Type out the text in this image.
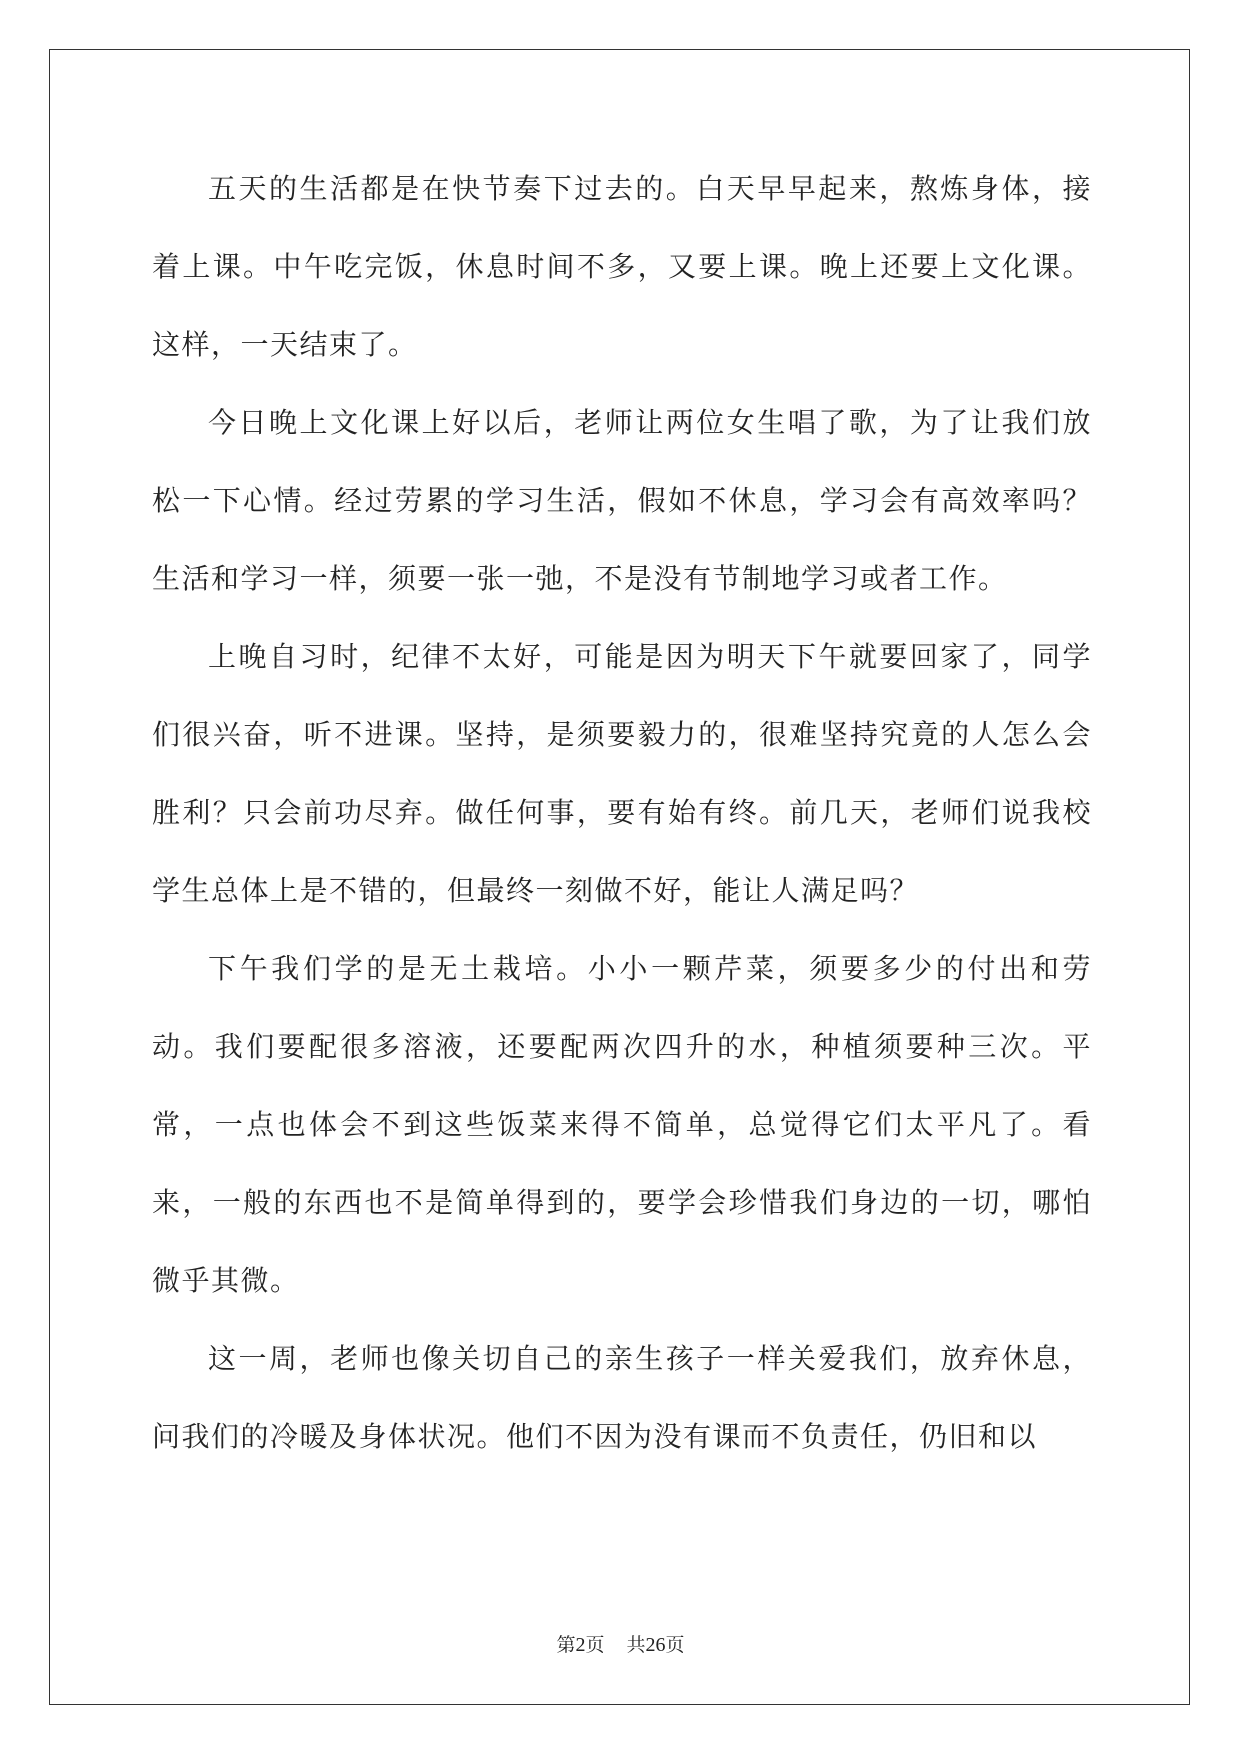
五天的生活都是在快节奏下过去的。白天早早起来，熬炼身体，接着上课。中午吃完饭，休息时间不多，又要上课。晚上还要上文化课。这样，一天结束了。

今日晚上文化课上好以后，老师让两位女生唱了歌，为了让我们放松一下心情。经过劳累的学习生活，假如不休息，学习会有高效率吗？生活和学习一样，须要一张一弛，不是没有节制地学习或者工作。

上晚自习时，纪律不太好，可能是因为明天下午就要回家了，同学们很兴奋，听不进课。坚持，是须要毅力的，很难坚持究竟的人怎么会胜利？只会前功尽弃。做任何事，要有始有终。前几天，老师们说我校学生总体上是不错的，但最终一刻做不好，能让人满足吗？

下午我们学的是无土栽培。小小一颗芹菜，须要多少的付出和劳动。我们要配很多溶液，还要配两次四升的水，种植须要种三次。平常，一点也体会不到这些饭菜来得不简单，总觉得它们太平凡了。看来，一般的东西也不是简单得到的，要学会珍惜我们身边的一切，哪怕微乎其微。

这一周，老师也像关切自己的亲生孩子一样关爱我们，放弃休息，问我们的冷暖及身体状况。他们不因为没有课而不负责任，仍旧和以

第2页 共26页
